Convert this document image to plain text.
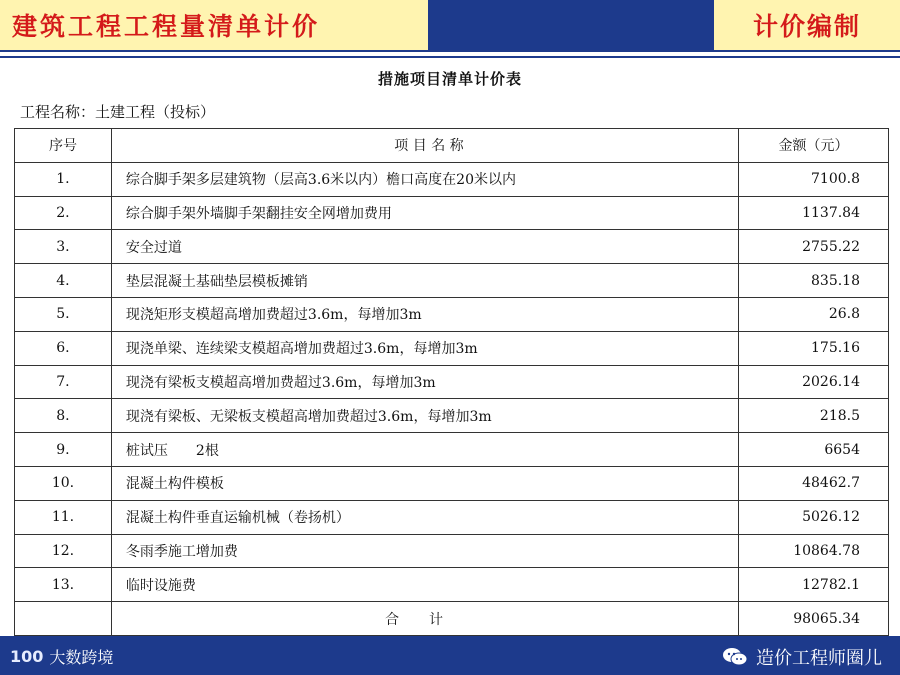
建筑工程工程量清单计价	计价编制
措施项目清单计价表
工程名称：土建工程（投标）
序号	项 目 名 称	金额（元）
1.	综合脚手架多层建筑物（层高3.6米以内）檐口高度在20米以内	7100.8
2.	综合脚手架外墙脚手架翻挂安全网增加费用	1137.84
3.	安全过道	2755.22
4.	垫层混凝土基础垫层模板摊销	835.18
5.	现浇矩形支模超高增加费超过3.6m，每增加3m	26.8
6.	现浇单梁、连续梁支模超高增加费超过3.6m，每增加3m	175.16
7.	现浇有梁板支模超高增加费超过3.6m，每增加3m	2026.14
8.	现浇有梁板、无梁板支模超高增加费超过3.6m，每增加3m	218.5
9.	桩试压　　2根	6654
10.	混凝土构件模板	48462.7
11.	混凝土构件垂直运输机械（卷扬机）	5026.12
12.	冬雨季施工增加费	10864.78
13.	临时设施费	12782.1
	合计	98065.34
100 大数跨境	造价工程师圈儿
